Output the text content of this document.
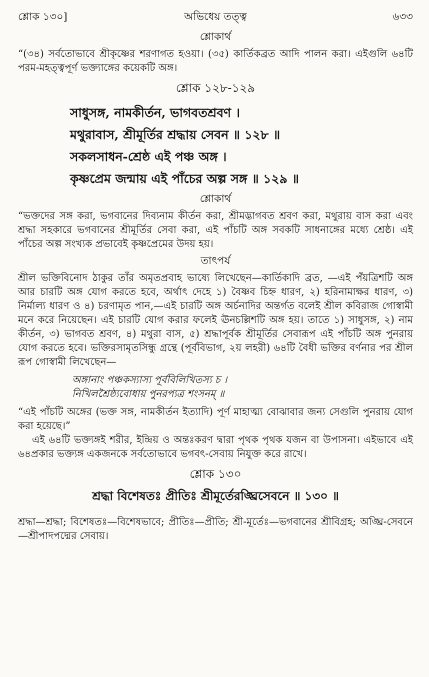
শ্লোক ১৩০]	অভিধেয় তত্ত্ব	৬৩৩
শ্লোকার্থ

“(৩৪) সর্বতোভাবে শ্রীকৃষ্ণের শরণাগত হওয়া। (৩৫) কার্তিকব্রত আদি পালন করা। এইগুলি ৬৪টি পরম-মহত্ত্বপূর্ণ ভক্ত্যাঙ্গের কয়েকটি অঙ্গ।

শ্লোক ১২৮-১২৯
সাধুসঙ্গ, নামকীর্তন, ভাগবতশ্রবণ ।
মথুরাবাস, শ্রীমূর্তির শ্রদ্ধায় সেবন ॥ ১২৮ ॥
সকলসাধন-শ্রেষ্ঠ এই পঞ্চ অঙ্গ ।
কৃষ্ণপ্রেম জন্মায় এই পাঁচের অল্প সঙ্গ ॥ ১২৯ ॥
শ্লোকার্থ

“ভক্তদের সঙ্গ করা, ভগবানের দিব্যনাম কীর্তন করা, শ্রীমদ্ভাগবত শ্রবণ করা, মথুরায় বাস করা এবং শ্রদ্ধা সহকারে ভগবানের শ্রীমূর্তির সেবা করা, এই পাঁচটি অঙ্গ সবকটি সাধনাঙ্গের মধ্যে শ্রেষ্ঠ। এই পাঁচের অল্প সংখ্যক প্রভাবেই কৃষ্ণপ্রেমের উদয় হয়।

তাৎপর্য

শ্রীল ভক্তিবিনোদ ঠাকুর তাঁর অমৃতপ্রবাহ ভাষ্যে লিখেছেন—কার্তিকাদি ব্রত, —এই পঁয়ত্রিশটি অঙ্গ আর চারটি অঙ্গ যোগ করতে হবে, অর্থাৎ দেহে ১) বৈষ্ণব চিহ্ন ধারণ, ২) হরিনামাক্ষর ধারণ, ৩) নির্মাল্য ধারণ ও ৪) চরণামৃত পান,—এই চারটি অঙ্গ অর্চনাদির অন্তর্গত বলেই শ্রীল কবিরাজ গোস্বামী মনে করে নিয়েছেন। এই চারটি যোগ করার ফলেই ঊনচল্লিশটি অঙ্গ হয়। তাতে ১) সাধুসঙ্গ, ২) নাম কীর্তন, ৩) ভাগবত শ্রবণ, ৪) মথুরা বাস, ৫) শ্রদ্ধাপূর্বক শ্রীমূর্তির সেবারূপ এই পাঁচটি অঙ্গ পুনরায় যোগ করতে হবে। ভক্তিরসামৃতসিন্ধু গ্রন্থে (পূর্ববিভাগ, ২য় লহরী) ৬৪টি বৈধী ভক্তির বর্ণনার পর শ্রীল রূপ গোস্বামী লিখেছেন—

অঙ্গানাং পঞ্চকস্যাস্য পূর্ববিলিখিতস্য চ ।
নিখিলশ্রৈষ্ঠ্যবোধায় পুনরপ্যত্র শংসনম্ ॥

“এই পাঁচটি অঙ্গের (ভক্ত সঙ্গ, নামকীর্তন ইত্যাদি) পূর্ণ মাহাত্ম্য বোঝাবার জন্য সেগুলি পুনরায় যোগ করা হয়েছে।”

এই ৬৪টি ভক্ত্যঙ্গই শরীর, ইন্দ্রিয় ও অন্তঃকরণ দ্বারা পৃথক পৃথক যজন বা উপাসনা। এইভাবে এই ৬৪প্রকার ভক্ত্যঙ্গ একজনকে সর্বতোভাবে ভগবৎ-সেবায় নিযুক্ত করে রাখে।

শ্লোক ১৩০
শ্রদ্ধা বিশেষতঃ প্রীতিঃ শ্রীমূর্তেরঙ্ঘ্রিসেবনে ॥ ১৩০ ॥

শ্রদ্ধা—শ্রদ্ধা; বিশেষতঃ—বিশেষভাবে; প্রীতিঃ—প্রীতি; শ্রী-মূর্তেঃ—ভগবানের শ্রীবিগ্রহ; অঙ্ঘ্রি-সেবনে—শ্রীপাদপদ্মের সেবায়।
